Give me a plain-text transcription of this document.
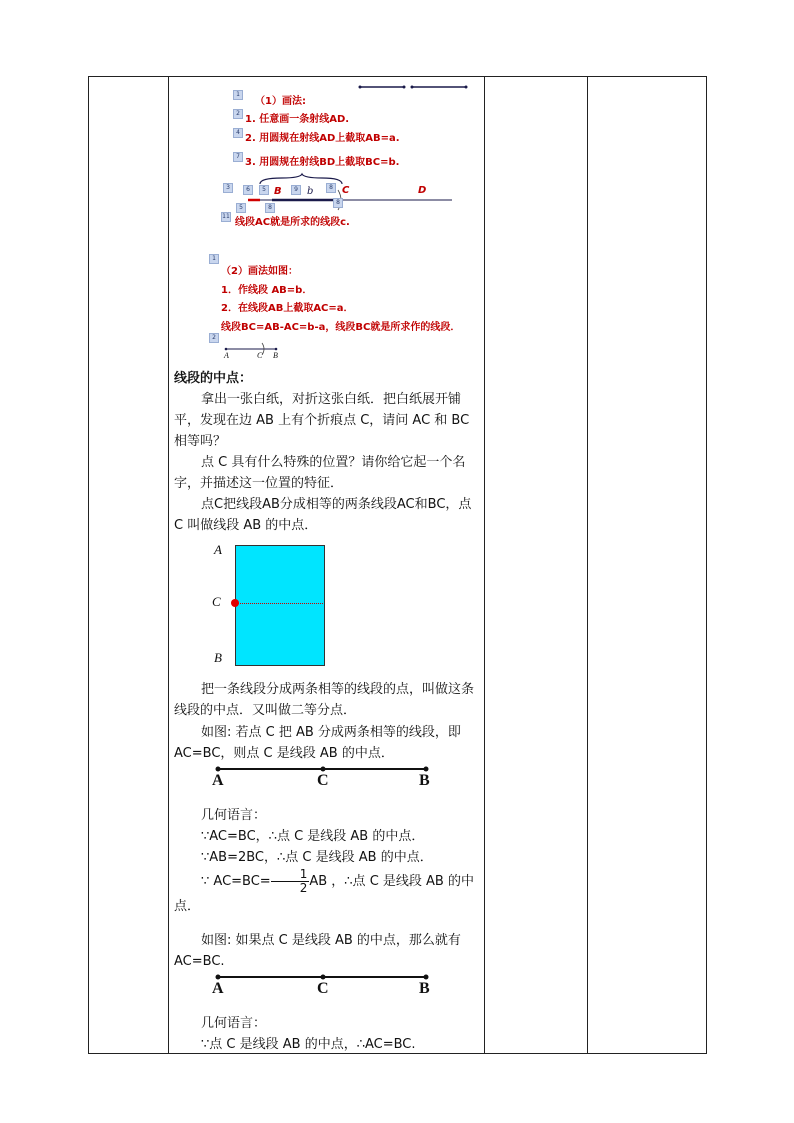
1
（1）画法:
2
1. 任意画一条射线AD.
4
2. 用圆规在射线AD上截取AB=a.
7
3. 用圆规在射线BD上截取BC=b.
3	6	5 B	9 b	8 C	D
5	8
8
11
线段AC就是所求的线段c.
1
（2）画法如图：
1．作线段 AB=b．
2．在线段AB上截取AC=a．
线段BC=AB-AC=b-a，线段BC就是所求作的线段．
2
A	C B
线段的中点：
拿出一张白纸，对折这张白纸．把白纸展开铺平，发现在边 AB 上有个折痕点 C，请问 AC 和 BC 相等吗？
点 C 具有什么特殊的位置？请你给它起一个名字，并描述这一位置的特征．
点C把线段AB分成相等的两条线段AC和BC，点 C 叫做线段 AB 的中点．
A
C
B
把一条线段分成两条相等的线段的点，叫做这条线段的中点．又叫做二等分点．
如图: 若点 C 把 AB 分成两条相等的线段，即 AC=BC，则点 C 是线段 AB 的中点．
A	C	B
几何语言：
∵AC=BC，∴点 C 是线段 AB 的中点．
∵AB=2BC，∴点 C 是线段 AB 的中点．
∵ $AC=BC= \frac{1}{2}$ AB ，∴点 C 是线段 AB 的中点．
如图: 如果点 C 是线段 AB 的中点，那么就有 AC=BC.
A	C	B
几何语言：
∵点 C 是线段 AB 的中点，∴AC=BC.
